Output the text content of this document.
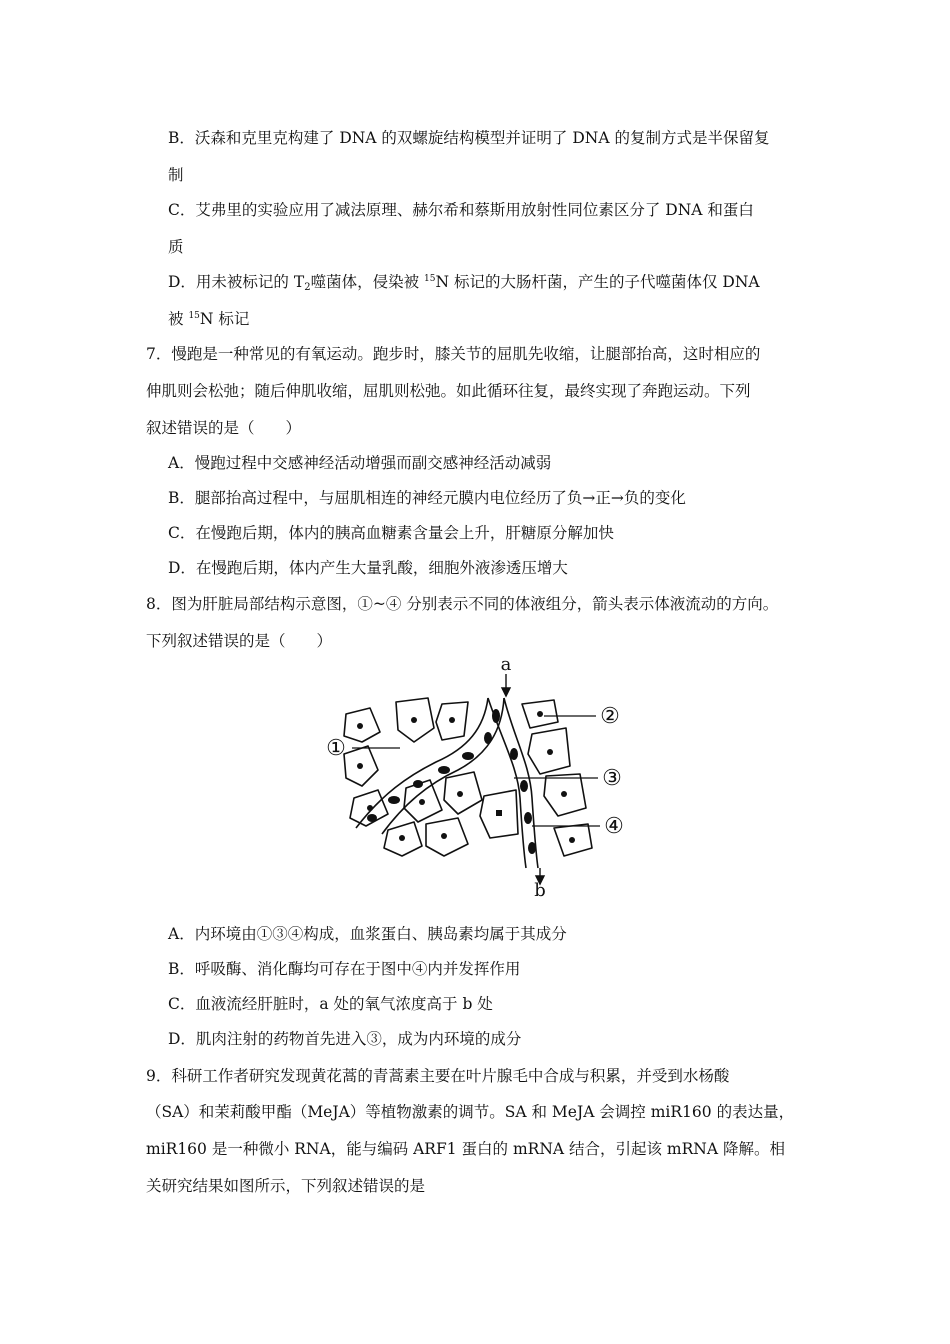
B．沃森和克里克构建了 DNA 的双螺旋结构模型并证明了 DNA 的复制方式是半保留复
制
C．艾弗里的实验应用了减法原理、赫尔希和蔡斯用放射性同位素区分了 DNA 和蛋白
质
D．用未被标记的 $T_2$噬菌体，侵染被 $^{15}$N 标记的大肠杆菌，产生的子代噬菌体仅 DNA
被 $^{15}$N 标记
7．慢跑是一种常见的有氧运动。跑步时，膝关节的屈肌先收缩，让腿部抬高，这时相应的
伸肌则会松弛；随后伸肌收缩，屈肌则松弛。如此循环往复，最终实现了奔跑运动。下列
叙述错误的是（　　）
A．慢跑过程中交感神经活动增强而副交感神经活动减弱
B．腿部抬高过程中，与屈肌相连的神经元膜内电位经历了负→正→负的变化
C．在慢跑后期，体内的胰高血糖素含量会上升，肝糖原分解加快
D．在慢跑后期，体内产生大量乳酸，细胞外液渗透压增大
8．图为肝脏局部结构示意图，①~④ 分别表示不同的体液组分，箭头表示体液流动的方向。
下列叙述错误的是（　　）
a
b
①
②
③
④
A．内环境由①③④构成，血浆蛋白、胰岛素均属于其成分
B．呼吸酶、消化酶均可存在于图中④内并发挥作用
C．血液流经肝脏时，a 处的氧气浓度高于 b 处
D．肌肉注射的药物首先进入③，成为内环境的成分
9．科研工作者研究发现黄花蒿的青蒿素主要在叶片腺毛中合成与积累，并受到水杨酸
（SA）和茉莉酸甲酯（MeJA）等植物激素的调节。SA 和 MeJA 会调控 miR160 的表达量，
miR160 是一种微小 RNA，能与编码 ARF1 蛋白的 mRNA 结合，引起该 mRNA 降解。相
关研究结果如图所示，下列叙述错误的是
